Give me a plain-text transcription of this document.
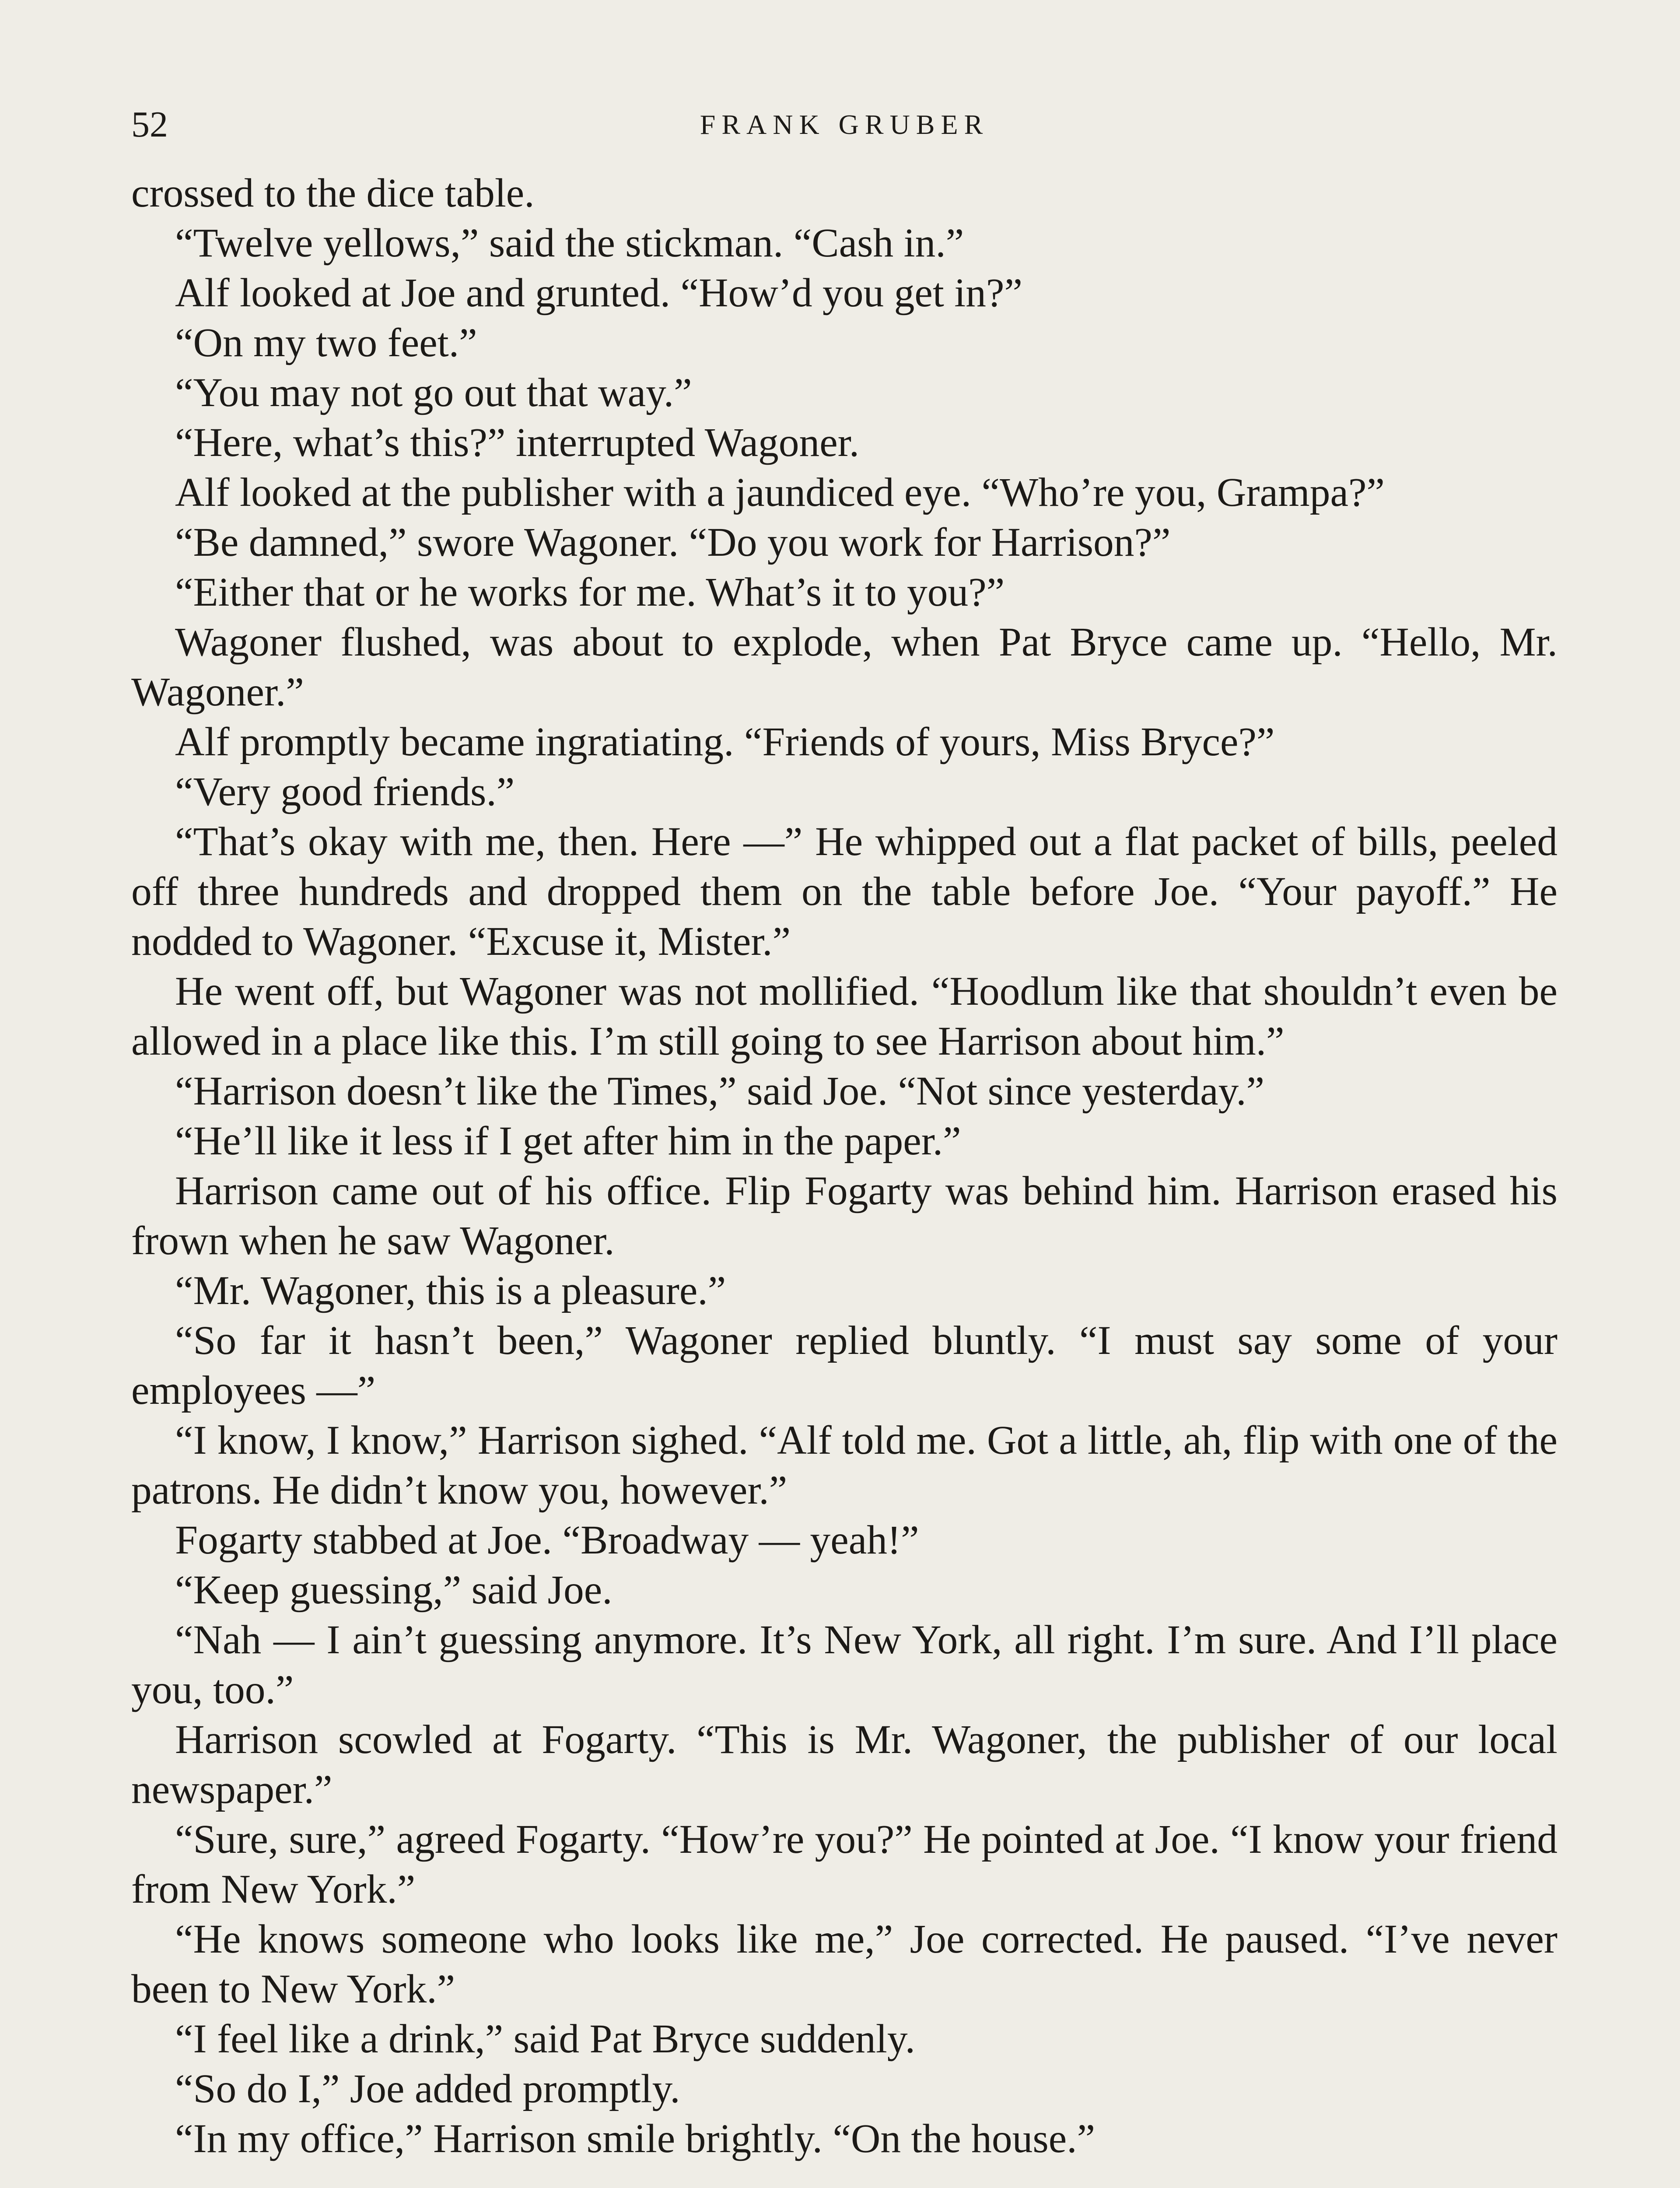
52	FRANK GRUBER

crossed to the dice table.

“Twelve yellows,” said the stickman. “Cash in.”

Alf looked at Joe and grunted. “How’d you get in?”

“On my two feet.”

“You may not go out that way.”

“Here, what’s this?” interrupted Wagoner.

Alf looked at the publisher with a jaundiced eye. “Who’re you, Grampa?”

“Be damned,” swore Wagoner. “Do you work for Harrison?”

“Either that or he works for me. What’s it to you?”

Wagoner flushed, was about to explode, when Pat Bryce came up. “Hello, Mr. Wagoner.”

Alf promptly became ingratiating. “Friends of yours, Miss Bryce?”

“Very good friends.”

“That’s okay with me, then. Here —” He whipped out a flat packet of bills, peeled off three hundreds and dropped them on the table before Joe. “Your payoff.” He nodded to Wagoner. “Excuse it, Mister.”

He went off, but Wagoner was not mollified. “Hoodlum like that shouldn’t even be allowed in a place like this. I’m still going to see Harrison about him.”

“Harrison doesn’t like the Times,” said Joe. “Not since yesterday.”

“He’ll like it less if I get after him in the paper.”

Harrison came out of his office. Flip Fogarty was behind him. Harrison erased his frown when he saw Wagoner.

“Mr. Wagoner, this is a pleasure.”

“So far it hasn’t been,” Wagoner replied bluntly. “I must say some of your employees —”

“I know, I know,” Harrison sighed. “Alf told me. Got a little, ah, flip with one of the patrons. He didn’t know you, however.”

Fogarty stabbed at Joe. “Broadway — yeah!”

“Keep guessing,” said Joe.

“Nah — I ain’t guessing anymore. It’s New York, all right. I’m sure. And I’ll place you, too.”

Harrison scowled at Fogarty. “This is Mr. Wagoner, the publisher of our local newspaper.”

“Sure, sure,” agreed Fogarty. “How’re you?” He pointed at Joe. “I know your friend from New York.”

“He knows someone who looks like me,” Joe corrected. He paused. “I’ve never been to New York.”

“I feel like a drink,” said Pat Bryce suddenly.

“So do I,” Joe added promptly.

“In my office,” Harrison smile brightly. “On the house.”
